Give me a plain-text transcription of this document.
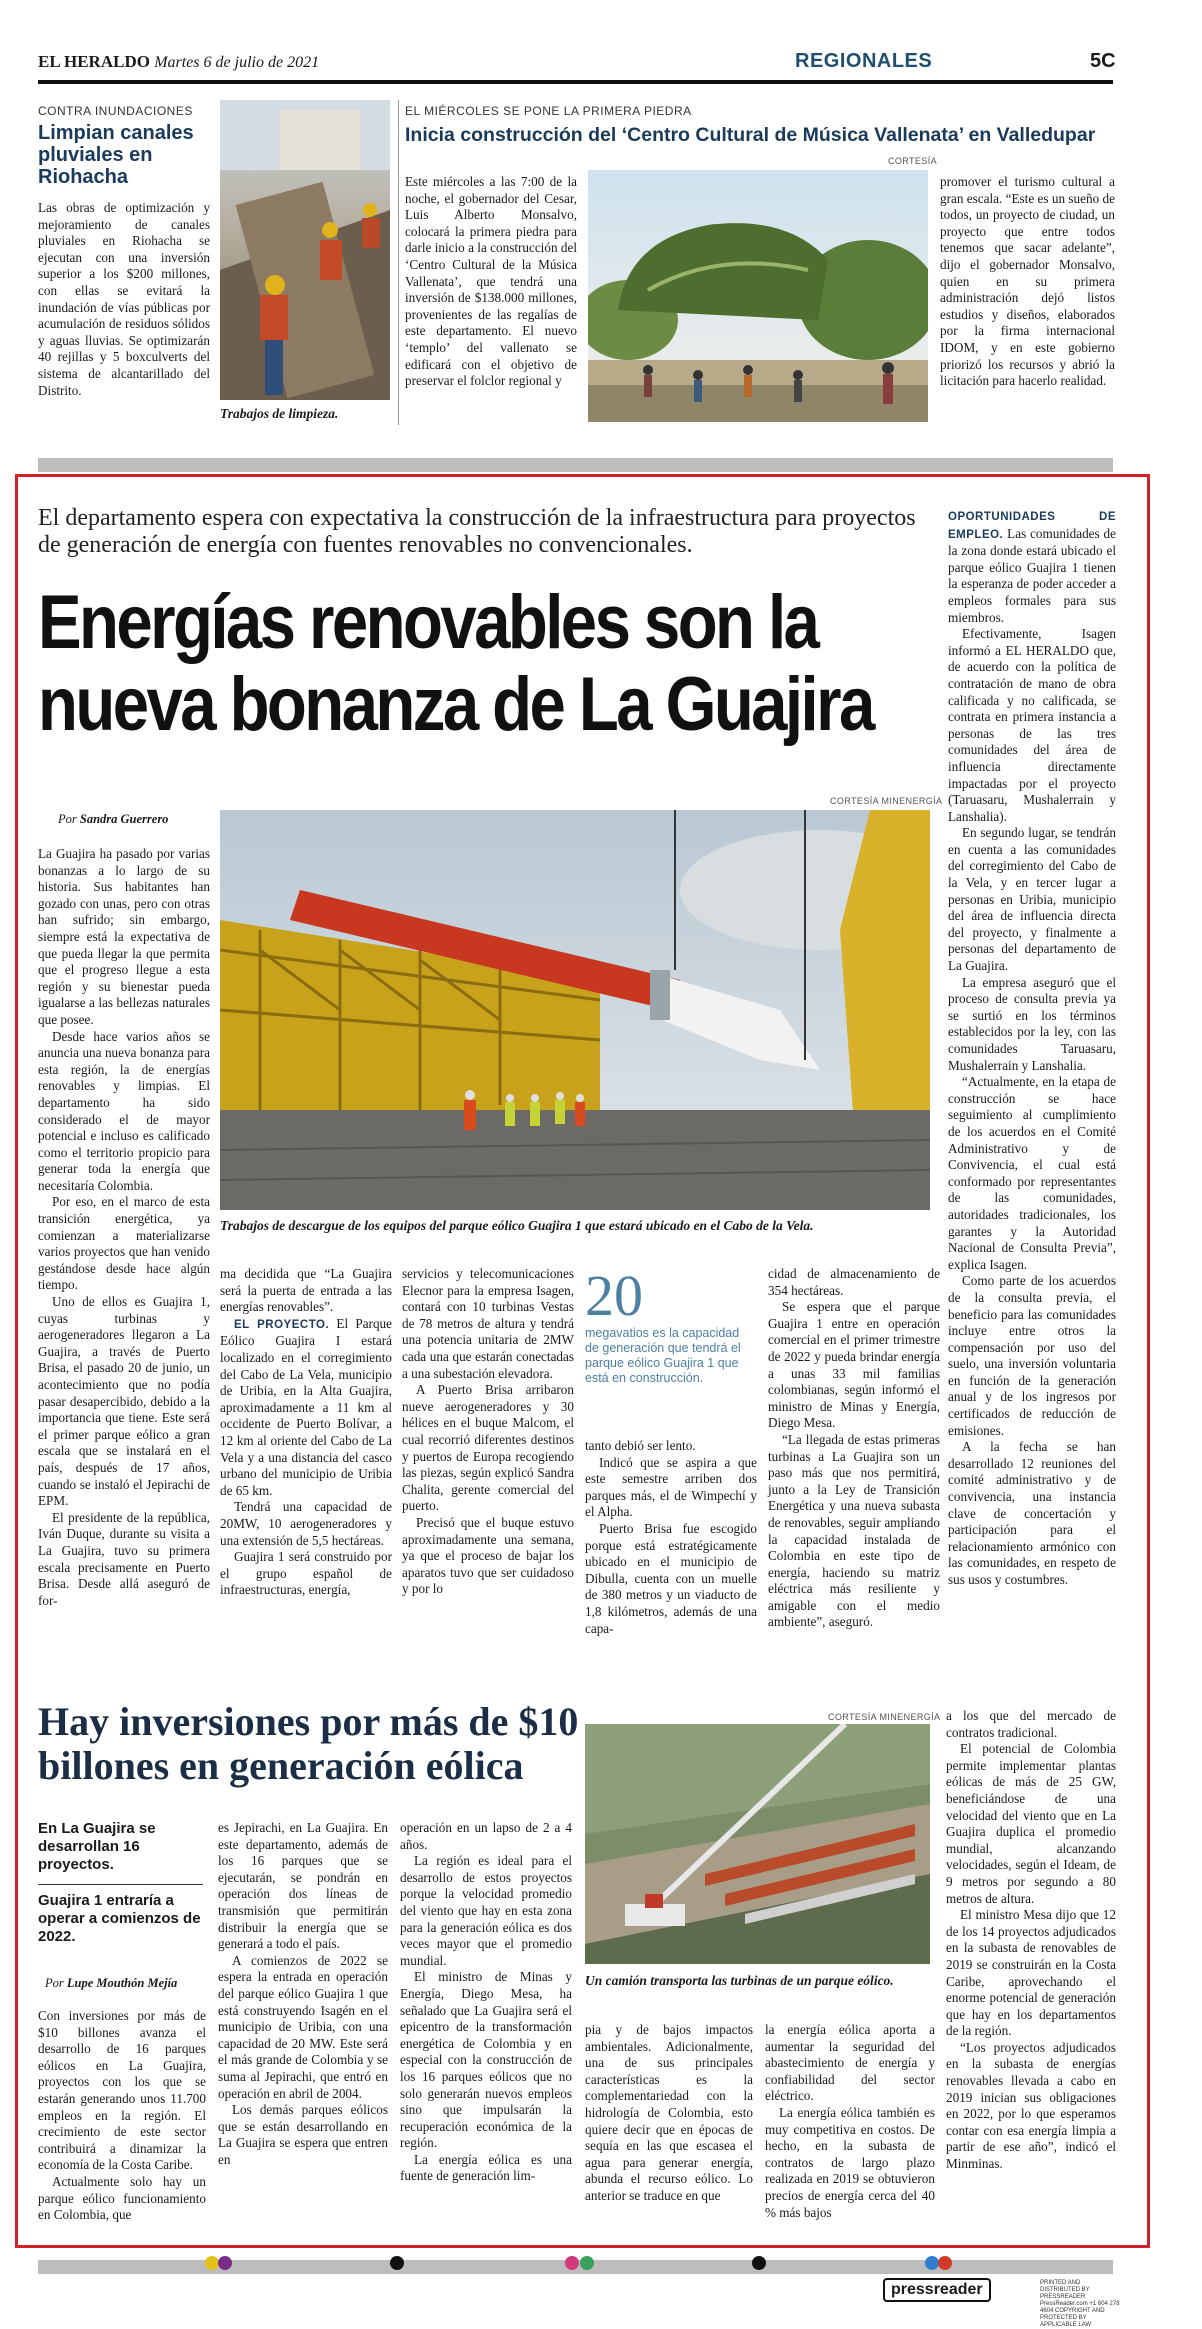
EL HERALDO Martes 6 de julio de 2021	REGIONALES	5C
CONTRA INUNDACIONES
Limpian canales pluviales en Riohacha

Las obras de optimización y mejoramiento de canales pluviales en Riohacha se ejecutan con una inversión superior a los $200 millones, con ellas se evitará la inundación de vías públicas por acumulación de residuos sólidos y aguas lluvias. Se optimizarán 40 rejillas y 5 boxculverts del sistema de alcantarillado del Distrito.

Trabajos de limpieza.
EL MIÉRCOLES SE PONE LA PRIMERA PIEDRA
Inicia construcción del ‘Centro Cultural de Música Vallenata’ en Valledupar

Este miércoles a las 7:00 de la noche, el gobernador del Cesar, Luis Alberto Monsalvo, colocará la primera piedra para darle inicio a la construcción del ‘Centro Cultural de la Música Vallenata’, que tendrá una inversión de $138.000 millones, provenientes de las regalías de este departamento. El nuevo ‘templo’ del vallenato se edificará con el objetivo de preservar el folclor regional y

CORTESÍA

promover el turismo cultural a gran escala. “Este es un sueño de todos, un proyecto de ciudad, un proyecto que entre todos tenemos que sacar adelante”, dijo el gobernador Monsalvo, quien en su primera administración dejó listos estudios y diseños, elaborados por la firma internacional IDOM, y en este gobierno priorizó los recursos y abrió la licitación para hacerlo realidad.

El departamento espera con expectativa la construcción de la infraestructura para proyectos de generación de energía con fuentes renovables no convencionales.
Energías renovables son la
nueva bonanza de La Guajira
Por Sandra Guerrero
CORTESÍA MINENERGÍA
Trabajos de descargue de los equipos del parque eólico Guajira 1 que estará ubicado en el Cabo de la Vela.

La Guajira ha pasado por varias bonanzas a lo largo de su historia. Sus habitantes han gozado con unas, pero con otras han sufrido; sin embargo, siempre está la expectativa de que pueda llegar la que permita que el progreso llegue a esta región y su bienestar pueda igualarse a las bellezas naturales que posee.

Desde hace varios años se anuncia una nueva bonanza para esta región, la de energías renovables y limpias. El departamento ha sido considerado el de mayor potencial e incluso es calificado como el territorio propicio para generar toda la energía que necesitaría Colombia.

Por eso, en el marco de esta transición energética, ya comienzan a materializarse varios proyectos que han venido gestándose desde hace algún tiempo.

Uno de ellos es Guajira 1, cuyas turbinas y aerogeneradores llegaron a La Guajira, a través de Puerto Brisa, el pasado 20 de junio, un acontecimiento que no podía pasar desapercibido, debido a la importancia que tiene. Este será el primer parque eólico a gran escala que se instalará en el país, después de 17 años, cuando se instaló el Jepirachi de EPM.

El presidente de la república, Iván Duque, durante su visita a La Guajira, tuvo su primera escala precisamente en Puerto Brisa. Desde allá aseguró de for-

ma decidida que “La Guajira será la puerta de entrada a las energías renovables”.

EL PROYECTO. El Parque Eólico Guajira I estará localizado en el corregimiento del Cabo de La Vela, municipio de Uribia, en la Alta Guajira, aproximadamente a 11 km al occidente de Puerto Bolívar, a 12 km al oriente del Cabo de La Vela y a una distancia del casco urbano del municipio de Uribia de 65 km.

Tendrá una capacidad de 20MW, 10 aerogeneradores y una extensión de 5,5 hectáreas.

Guajira 1 será construido por el grupo español de infraestructuras, energía,

servicios y telecomunicaciones Elecnor para la empresa Isagen, contará con 10 turbinas Vestas de 78 metros de altura y tendrá una potencia unitaria de 2MW cada una que estarán conectadas a una subestación elevadora.

A Puerto Brisa arribaron nueve aerogeneradores y 30 hélices en el buque Malcom, el cual recorrió diferentes destinos y puertos de Europa recogiendo las piezas, según explicó Sandra Chalita, gerente comercial del puerto.

Precisó que el buque estuvo aproximadamente una semana, ya que el proceso de bajar los aparatos tuvo que ser cuidadoso y por lo

20
megavatios es la capacidad de generación que tendrá el parque eólico Guajira 1 que está en construcción.

tanto debió ser lento.

Indicó que se aspira a que este semestre arriben dos parques más, el de Wimpechí y el Alpha.

Puerto Brisa fue escogido porque está estratégicamente ubicado en el municipio de Dibulla, cuenta con un muelle de 380 metros y un viaducto de 1,8 kilómetros, además de una capa-

cidad de almacenamiento de 354 hectáreas.

Se espera que el parque Guajira 1 entre en operación comercial en el primer trimestre de 2022 y pueda brindar energía a unas 33 mil familias colombianas, según informó el ministro de Minas y Energía, Diego Mesa.

“La llegada de estas primeras turbinas a La Guajira son un paso más que nos permitirá, junto a la Ley de Transición Energética y una nueva subasta de renovables, seguir ampliando la capacidad instalada de Colombia en este tipo de energía, haciendo su matriz eléctrica más resiliente y amigable con el medio ambiente”, aseguró.

OPORTUNIDADES DE EMPLEO. Las comunidades de la zona donde estará ubicado el parque eólico Guajira 1 tienen la esperanza de poder acceder a empleos formales para sus miembros.

Efectivamente, Isagen informó a EL HERALDO que, de acuerdo con la política de contratación de mano de obra calificada y no calificada, se contrata en primera instancia a personas de las tres comunidades del área de influencia directamente impactadas por el proyecto (Taruasaru, Mushalerrain y Lanshalia).

En segundo lugar, se tendrán en cuenta a las comunidades del corregimiento del Cabo de la Vela, y en tercer lugar a personas en Uribia, municipio del área de influencia directa del proyecto, y finalmente a personas del departamento de La Guajira.

La empresa aseguró que el proceso de consulta previa ya se surtió en los términos establecidos por la ley, con las comunidades Taruasaru, Mushalerrain y Lanshalia.

“Actualmente, en la etapa de construcción se hace seguimiento al cumplimiento de los acuerdos en el Comité Administrativo y de Convivencia, el cual está conformado por representantes de las comunidades, autoridades tradicionales, los garantes y la Autoridad Nacional de Consulta Previa”, explica Isagen.

Como parte de los acuerdos de la consulta previa, el beneficio para las comunidades incluye entre otros la compensación por uso del suelo, una inversión voluntaria en función de la generación anual y de los ingresos por certificados de reducción de emisiones.

A la fecha se han desarrollado 12 reuniones del comité administrativo y de convivencia, una instancia clave de concertación y participación para el relacionamiento armónico con las comunidades, en respeto de sus usos y costumbres.

Hay inversiones por más de $10 billones en generación eólica
En La Guajira se desarrollan 16 proyectos.
Guajira 1 entraría a operar a comienzos de 2022.
Por Lupe Mouthón Mejía

Con inversiones por más de $10 billones avanza el desarrollo de 16 parques eólicos en La Guajira, proyectos con los que se estarán generando unos 11.700 empleos en la región. El crecimiento de este sector contribuirá a dinamizar la economía de la Costa Caribe.

Actualmente solo hay un parque eólico funcionamiento en Colombia, que

es Jepirachi, en La Guajira. En este departamento, además de los 16 parques que se ejecutarán, se pondrán en operación dos líneas de transmisión que permitirán distribuir la energía que se generará a todo el país.

A comienzos de 2022 se espera la entrada en operación del parque eólico Guajira 1 que está construyendo Isagén en el municipio de Uribia, con una capacidad de 20 MW. Este será el más grande de Colombia y se suma al Jepirachi, que entró en operación en abril de 2004.

Los demás parques eólicos que se están desarrollando en La Guajira se espera que entren en

operación en un lapso de 2 a 4 años.

La región es ideal para el desarrollo de estos proyectos porque la velocidad promedio del viento que hay en esta zona para la generación eólica es dos veces mayor que el promedio mundial.

El ministro de Minas y Energía, Diego Mesa, ha señalado que La Guajira será el epicentro de la transformación energética de Colombia y en especial con la construcción de los 16 parques eólicos que no solo generarán nuevos empleos sino que impulsarán la recuperación económica de la región.

La energía eólica es una fuente de generación lim-

CORTESÍA MINENERGÍA
Un camión transporta las turbinas de un parque eólico.

pia y de bajos impactos ambientales. Adicionalmente, una de sus principales características es la complementariedad con la hidrología de Colombia, esto quiere decir que en épocas de sequía en las que escasea el agua para generar energía, abunda el recurso eólico. Lo anterior se traduce en que

la energía eólica aporta a aumentar la seguridad del abastecimiento de energía y confiabilidad del sector eléctrico.

La energía eólica también es muy competitiva en costos. De hecho, en la subasta de contratos de largo plazo realizada en 2019 se obtuvieron precios de energía cerca del 40 % más bajos

a los que del mercado de contratos tradicional.

El potencial de Colombia permite implementar plantas eólicas de más de 25 GW, beneficiándose de una velocidad del viento que en La Guajira duplica el promedio mundial, alcanzando velocidades, según el Ideam, de 9 metros por segundo a 80 metros de altura.

El ministro Mesa dijo que 12 de los 14 proyectos adjudicados en la subasta de renovables de 2019 se construirán en la Costa Caribe, aprovechando el enorme potencial de generación que hay en los departamentos de la región.

“Los proyectos adjudicados en la subasta de energías renovables llevada a cabo en 2019 inician sus obligaciones en 2022, por lo que esperamos contar con esa energía limpia a partir de ese año”, indicó el Minminas.

pressreader	PRINTED AND DISTRIBUTED BY PRESSREADER PressReader.com +1 604 278 4604 COPYRIGHT AND PROTECTED BY APPLICABLE LAW
